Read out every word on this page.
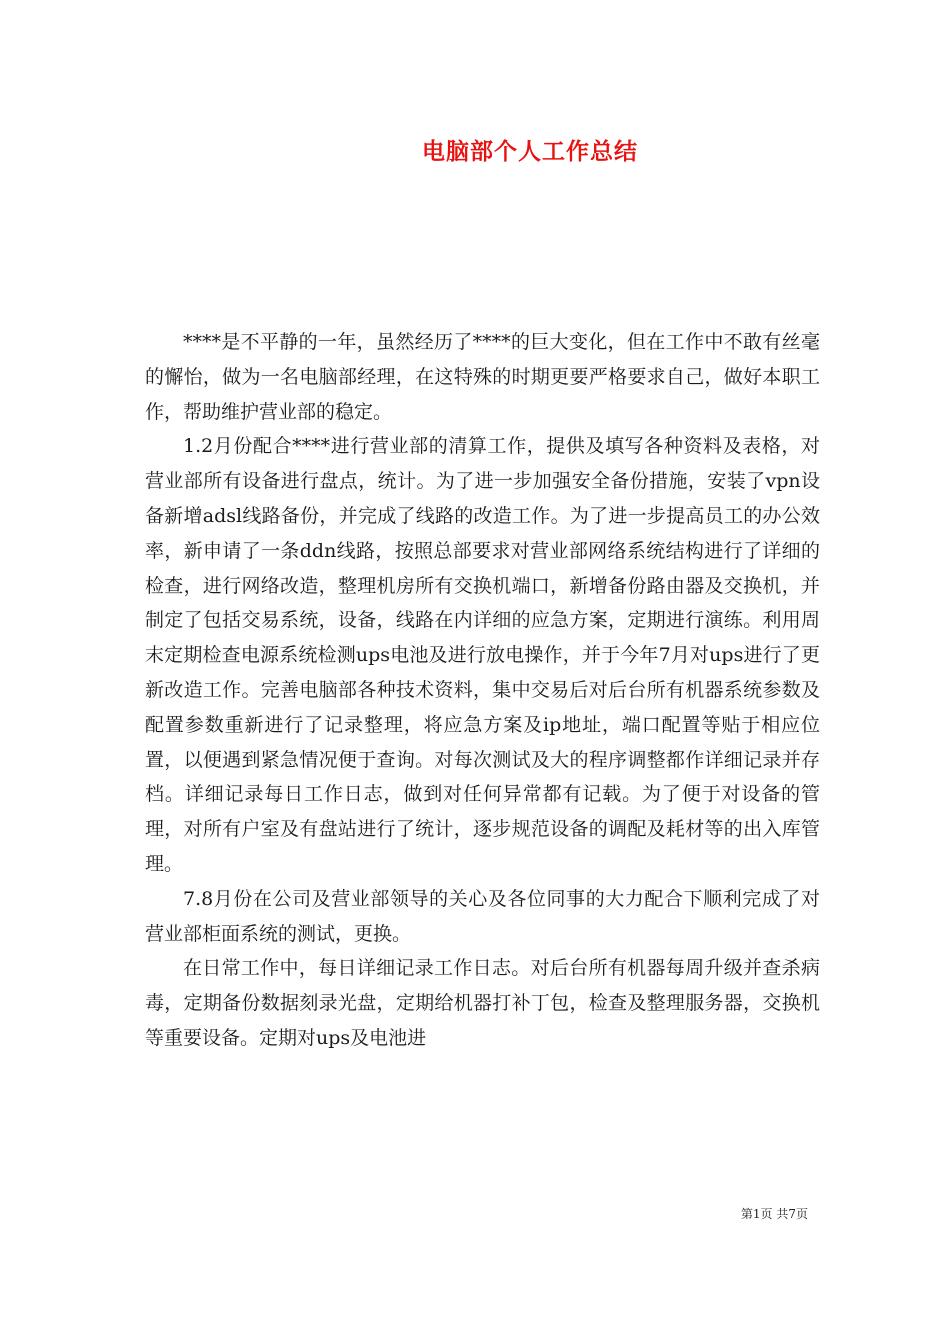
电脑部个人工作总结

****是不平静的一年，虽然经历了****的巨大变化，但在工作中不敢有丝毫的懈怡，做为一名电脑部经理，在这特殊的时期更要严格要求自己，做好本职工作，帮助维护营业部的稳定。

1.2月份配合****进行营业部的清算工作，提供及填写各种资料及表格，对营业部所有设备进行盘点，统计。为了进一步加强安全备份措施，安装了vpn设备新增adsl线路备份，并完成了线路的改造工作。为了进一步提高员工的办公效率，新申请了一条ddn线路，按照总部要求对营业部网络系统结构进行了详细的检查，进行网络改造，整理机房所有交换机端口，新增备份路由器及交换机，并制定了包括交易系统，设备，线路在内详细的应急方案，定期进行演练。利用周末定期检查电源系统检测ups电池及进行放电操作，并于今年7月对ups进行了更新改造工作。完善电脑部各种技术资料，集中交易后对后台所有机器系统参数及配置参数重新进行了记录整理，将应急方案及ip地址，端口配置等贴于相应位置，以便遇到紧急情况便于查询。对每次测试及大的程序调整都作详细记录并存档。详细记录每日工作日志，做到对任何异常都有记载。为了便于对设备的管理，对所有户室及有盘站进行了统计，逐步规范设备的调配及耗材等的出入库管理。

7.8月份在公司及营业部领导的关心及各位同事的大力配合下顺利完成了对营业部柜面系统的测试，更换。

在日常工作中，每日详细记录工作日志。对后台所有机器每周升级并查杀病毒，定期备份数据刻录光盘，定期给机器打补丁包，检查及整理服务器，交换机等重要设备。定期对ups及电池进

第1页 共7页
